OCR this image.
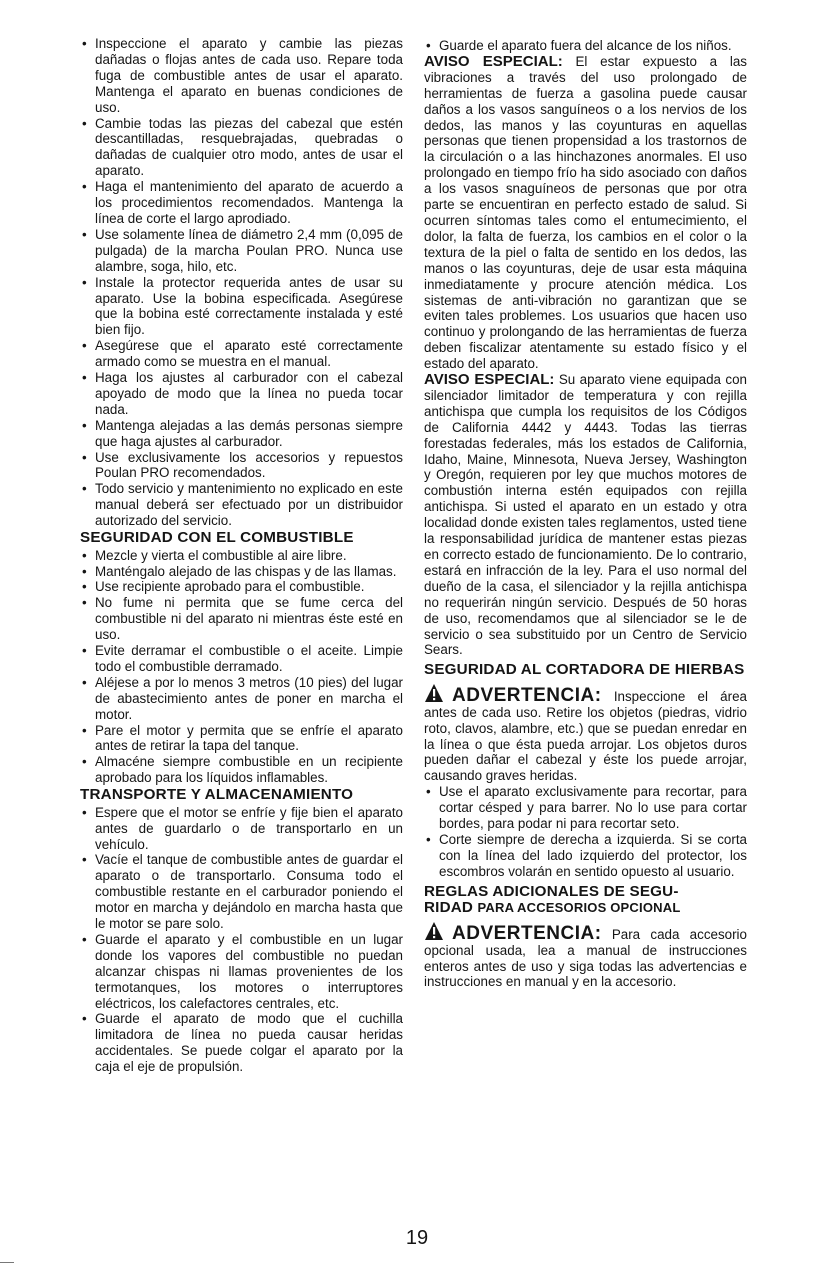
• Inspeccione el aparato y cambie las piezas dañadas o flojas antes de cada uso. Repare toda fuga de combustible antes de usar el aparato. Mantenga el aparato en buenas condiciones de uso.
• Cambie todas las piezas del cabezal que estén descantilladas, resquebrajadas, quebradas o dañadas de cualquier otro modo, antes de usar el aparato.
• Haga el mantenimiento del aparato de acuerdo a los procedimientos recomendados. Mantenga la línea de corte el largo aprodiado.
• Use solamente línea de diámetro 2,4 mm (0,095 de pulgada) de la marcha Poulan PRO. Nunca use alambre, soga, hilo, etc.
• Instale la protector requerida antes de usar su aparato. Use la bobina especificada. Asegúrese que la bobina esté correctamente instalada y esté bien fijo.
• Asegúrese que el aparato esté correctamente armado como se muestra en el manual.
• Haga los ajustes al carburador con el cabezal apoyado de modo que la línea no pueda tocar nada.
• Mantenga alejadas a las demás personas siempre que haga ajustes al carburador.
• Use exclusivamente los accesorios y repuestos Poulan PRO recomendados.
• Todo servicio y mantenimiento no explicado en este manual deberá ser efectuado por un distribuidor autorizado del servicio.
SEGURIDAD CON EL COMBUSTIBLE
• Mezcle y vierta el combustible al aire libre.
• Manténgalo alejado de las chispas y de las llamas.
• Use recipiente aprobado para el combustible.
• No fume ni permita que se fume cerca del combustible ni del aparato ni mientras éste esté en uso.
• Evite derramar el combustible o el aceite. Limpie todo el combustible derramado.
• Aléjese a por lo menos 3 metros (10 pies) del lugar de abastecimiento antes de poner en marcha el motor.
• Pare el motor y permita que se enfríe el aparato antes de retirar la tapa del tanque.
• Almacéne siempre combustible en un recipiente aprobado para los líquidos inflamables.
TRANSPORTE Y ALMACENAMIENTO
• Espere que el motor se enfríe y fije bien el aparato antes de guardarlo o de transportarlo en un vehículo.
• Vacíe el tanque de combustible antes de guardar el aparato o de transportarlo. Consuma todo el combustible restante en el carburador poniendo el motor en marcha y dejándolo en marcha hasta que le motor se pare solo.
• Guarde el aparato y el combustible en un lugar donde los vapores del combustible no puedan alcanzar chispas ni llamas provenientes de los termotanques, los motores o interruptores eléctricos, los calefactores centrales, etc.
• Guarde el aparato de modo que el cuchilla limitadora de línea no pueda causar heridas accidentales. Se puede colgar el aparato por la caja el eje de propulsión.
• Guarde el aparato fuera del alcance de los niños.

AVISO ESPECIAL: El estar expuesto a las vibraciones a través del uso prolongado de herramientas de fuerza a gasolina puede causar daños a los vasos sanguíneos o a los nervios de los dedos, las manos y las coyunturas en aquellas personas que tienen propensidad a los trastornos de la circulación o a las hinchazones anormales. El uso prolongado en tiempo frío ha sido asociado con daños a los vasos snaguíneos de personas que por otra parte se encuentiran en perfecto estado de salud. Si ocurren síntomas tales como el entumecimiento, el dolor, la falta de fuerza, los cambios en el color o la textura de la piel o falta de sentido en los dedos, las manos o las coyunturas, deje de usar esta máquina inmediatamente y procure atención médica. Los sistemas de anti-vibración no garantizan que se eviten tales problemes. Los usuarios que hacen uso continuo y prolongando de las herramientas de fuerza deben fiscalizar atentamente su estado físico y el estado del aparato.

AVISO ESPECIAL: Su aparato viene equipada con silenciador limitador de temperatura y con rejilla antichispa que cumpla los requisitos de los Códigos de California 4442 y 4443. Todas las tierras forestadas federales, más los estados de California, Idaho, Maine, Minnesota, Nueva Jersey, Washington y Oregón, requieren por ley que muchos motores de combustión interna estén equipados con rejilla antichispa. Si usted el aparato en un estado y otra localidad donde existen tales reglamentos, usted tiene la responsabilidad jurídica de mantener estas piezas en correcto estado de funcionamiento. De lo contrario, estará en infracción de la ley. Para el uso normal del dueño de la casa, el silenciador y la rejilla antichispa no requerirán ningún servicio. Después de 50 horas de uso, recomendamos que al silenciador se le de servicio o sea substituido por un Centro de Servicio Sears.

SEGURIDAD AL CORTADORA DE HIERBAS

ADVERTENCIA: Inspeccione el área antes de cada uso. Retire los objetos (piedras, vidrio roto, clavos, alambre, etc.) que se puedan enredar en la línea o que ésta pueda arrojar. Los objetos duros pueden dañar el cabezal y éste los puede arrojar, causando graves heridas.

• Use el aparato exclusivamente para recortar, para cortar césped y para barrer. No lo use para cortar bordes, para podar ni para recortar seto.
• Corte siempre de derecha a izquierda. Si se corta con la línea del lado izquierdo del protector, los escombros volarán en sentido opuesto al usuario.
REGLAS ADICIONALES DE SEGU-
RIDAD PARA ACCESORIOS OPCIONAL

ADVERTENCIA: Para cada accesorio opcional usada, lea a manual de instrucciones enteros antes de uso y siga todas las advertencias e instrucciones en manual y en la accesorio.

19
